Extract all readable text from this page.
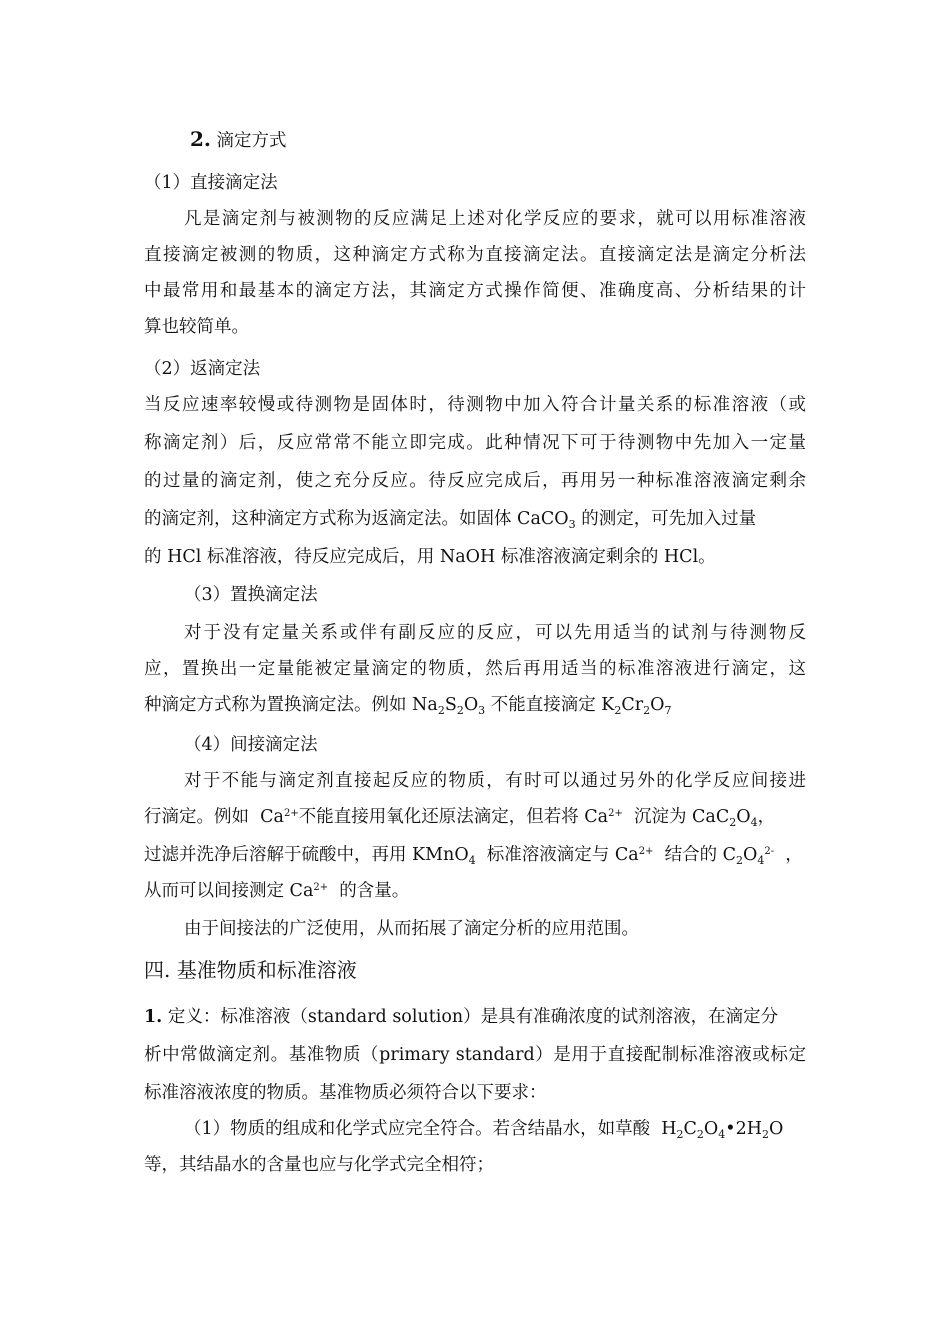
2. 滴定方式
（1）直接滴定法
凡是滴定剂与被测物的反应满足上述对化学反应的要求，就可以用标准溶液
直接滴定被测的物质，这种滴定方式称为直接滴定法。直接滴定法是滴定分析法
中最常用和最基本的滴定方法，其滴定方式操作简便、准确度高、分析结果的计
算也较简单。
（2）返滴定法
当反应速率较慢或待测物是固体时，待测物中加入符合计量关系的标准溶液（或
称滴定剂）后，反应常常不能立即完成。此种情况下可于待测物中先加入一定量
的过量的滴定剂，使之充分反应。待反应完成后，再用另一种标准溶液滴定剩余
的滴定剂，这种滴定方式称为返滴定法。如固体 CaCO$_3$ 的测定，可先加入过量
的 HCl 标准溶液，待反应完成后，用 NaOH 标准溶液滴定剩余的 HCl。
（3）置换滴定法
对于没有定量关系或伴有副反应的反应，可以先用适当的试剂与待测物反
应，置换出一定量能被定量滴定的物质，然后再用适当的标准溶液进行滴定，这
种滴定方式称为置换滴定法。例如 $Na_2S_2O_3$ 不能直接滴定 $K_2Cr_2O_7$
（4）间接滴定法
对于不能与滴定剂直接起反应的物质，有时可以通过另外的化学反应间接进
行滴定。例如  $Ca^{2+}$不能直接用氧化还原法滴定，但若将 $Ca^{2+}$  沉淀为 $CaC_2O_4$，
过滤并洗净后溶解于硫酸中，再用 KMnO$_4$  标准溶液滴定与 $Ca^{2+}$  结合的 $C_2O_4^{2-}$  ，
从而可以间接测定 $Ca^{2+}$  的含量。
由于间接法的广泛使用，从而拓展了滴定分析的应用范围。
四. 基准物质和标准溶液
1. 定义：标准溶液（standard solution）是具有准确浓度的试剂溶液，在滴定分
析中常做滴定剂。基准物质（primary standard）是用于直接配制标准溶液或标定
标准溶液浓度的物质。基准物质必须符合以下要求：
（1）物质的组成和化学式应完全符合。若含结晶水，如草酸  $H_2C_2O_4•2H_2O$
等，其结晶水的含量也应与化学式完全相符；
